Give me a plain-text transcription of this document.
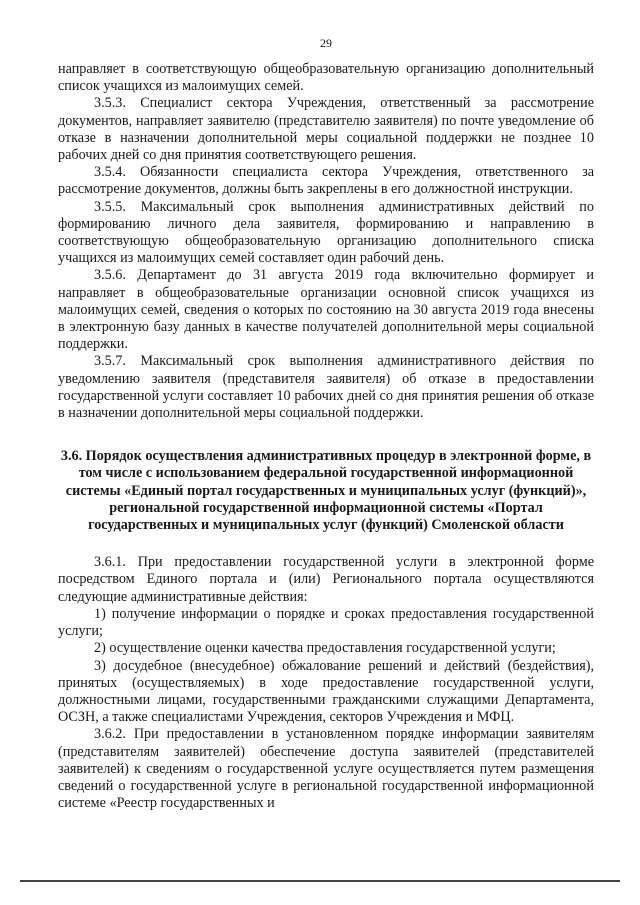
29

направляет в соответствующую общеобразовательную организацию дополнительный список учащихся из малоимущих семей.

3.5.3. Специалист сектора Учреждения, ответственный за рассмотрение документов, направляет заявителю (представителю заявителя) по почте уведомление об отказе в назначении дополнительной меры социальной поддержки не позднее 10 рабочих дней со дня принятия соответствующего решения.

3.5.4. Обязанности специалиста сектора Учреждения, ответственного за рассмотрение документов, должны быть закреплены в его должностной инструкции.

3.5.5. Максимальный срок выполнения административных действий по формированию личного дела заявителя, формированию и направлению в соответствующую общеобразовательную организацию дополнительного списка учащихся из малоимущих семей составляет один рабочий день.

3.5.6. Департамент до 31 августа 2019 года включительно формирует и направляет в общеобразовательные организации основной список учащихся из малоимущих семей, сведения о которых по состоянию на 30 августа 2019 года внесены в электронную базу данных в качестве получателей дополнительной меры социальной поддержки.

3.5.7. Максимальный срок выполнения административного действия по уведомлению заявителя (представителя заявителя) об отказе в предоставлении государственной услуги составляет 10 рабочих дней со дня принятия решения об отказе в назначении дополнительной меры социальной поддержки.

3.6. Порядок осуществления административных процедур в электронной форме, в том числе с использованием федеральной государственной информационной системы «Единый портал государственных и муниципальных услуг (функций)», региональной государственной информационной системы «Портал государственных и муниципальных услуг (функций) Смоленской области

3.6.1. При предоставлении государственной услуги в электронной форме посредством Единого портала и (или) Регионального портала осуществляются следующие административные действия:

1) получение информации о порядке и сроках предоставления государственной услуги;

2) осуществление оценки качества предоставления государственной услуги;

3) досудебное (внесудебное) обжалование решений и действий (бездействия), принятых (осуществляемых) в ходе предоставление государственной услуги, должностными лицами, государственными гражданскими служащими Департамента, ОСЗН, а также специалистами Учреждения, секторов Учреждения и МФЦ.

3.6.2. При предоставлении в установленном порядке информации заявителям (представителям заявителей) обеспечение доступа заявителей (представителей заявителей) к сведениям о государственной услуге осуществляется путем размещения сведений о государственной услуге в региональной государственной информационной системе «Реестр государственных и
